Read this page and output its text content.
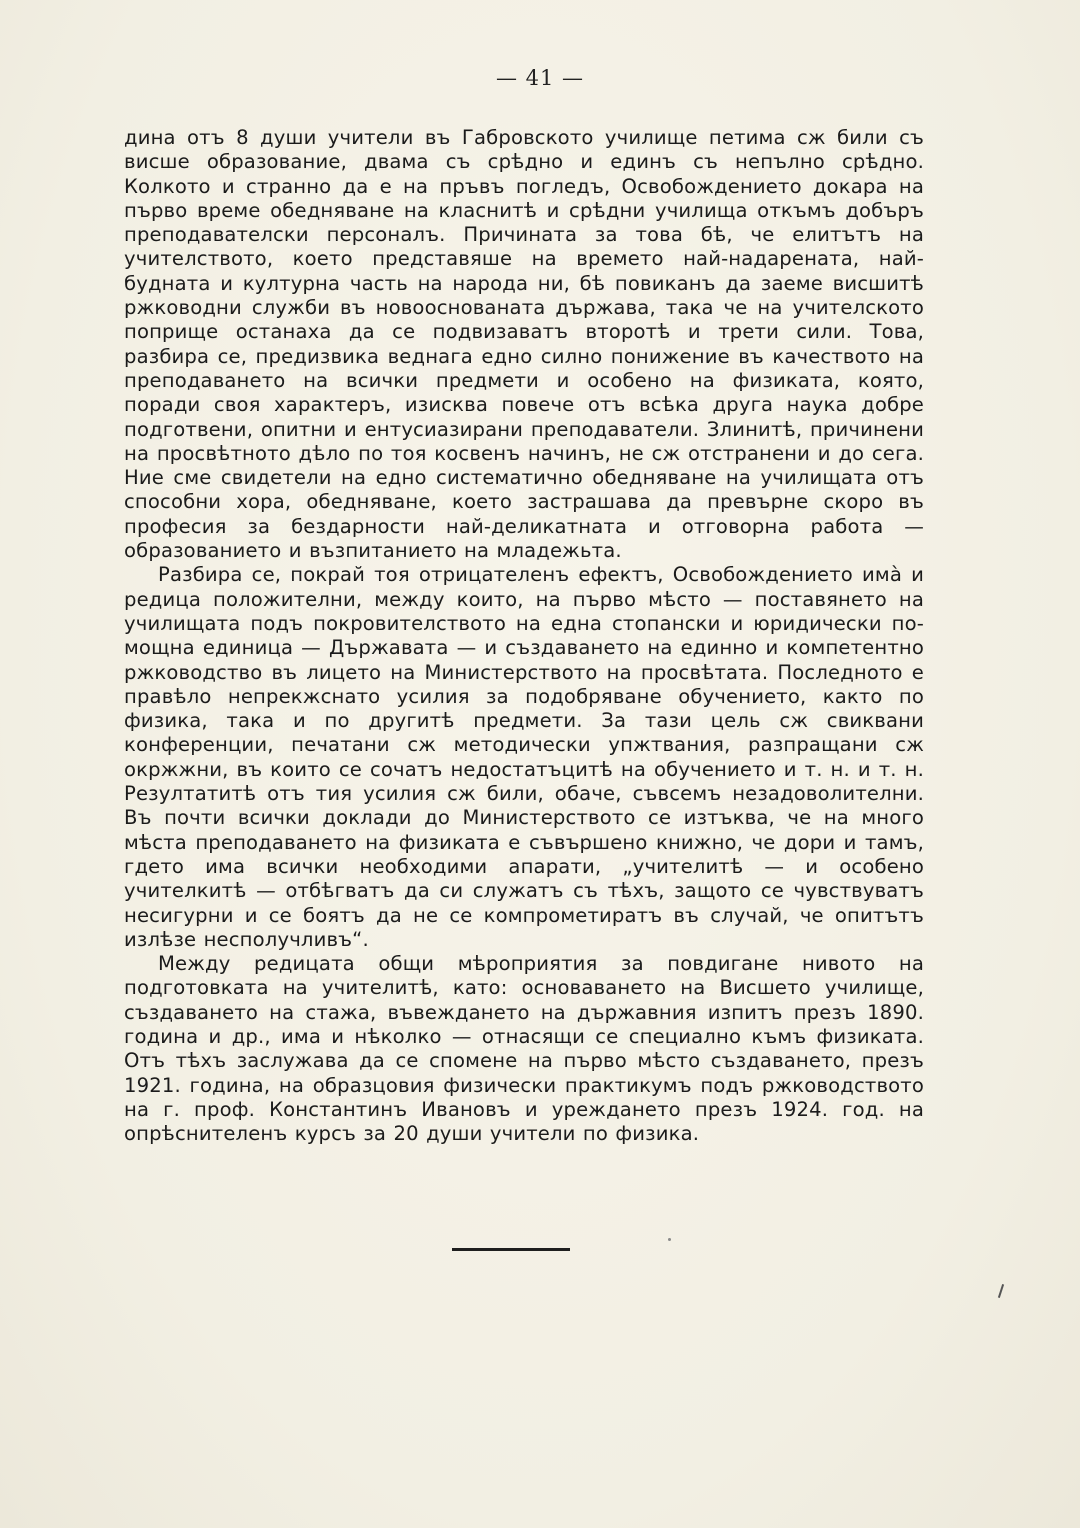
— 41 —

дина отъ 8 души учители въ Габровското училище петима сж били съ висше образование, двама съ срѣдно и единъ съ непълно срѣдно. Колкото и странно да е на пръвъ погледъ, Освобождението докара на първо време обедняване на класнитѣ и срѣдни училища откъмъ добъръ преподавателски персоналъ. Причината за това бѣ, че елитътъ на учителството, което представяше на времето най-надарената, най-будната и културна часть на народа ни, бѣ повиканъ да заеме висшитѣ ржководни служби въ новооснованата държава, така че на учителското поприще останаха да се подвизаватъ второтѣ и трети сили. Това, разбира се, предизвика веднага едно силно понижение въ качеството на преподаването на всички предмети и особено на физиката, която, поради своя характеръ, изисква повече отъ всѣка друга наука добре подготвени, опитни и ентусиазирани преподаватели. Злинитѣ, причинени на просвѣтното дѣло по тоя косвенъ начинъ, не сж отстранени и до сега. Ние сме свидетели на едно систематично обедняване на училищата отъ способни хора, обедняване, което застрашава да превърне скоро въ професия за бездарности най-деликатната и отговорна работа — образованието и възпитанието на младежьта.

Разбира се, покрай тоя отрицателенъ ефектъ, Освобождението имà и редица положителни, между които, на първо мѣсто — поставянето на училищата подъ покровителството на една стопански и юридически по-мощна единица — Държавата — и създаването на единно и компетентно ржководство въ лицето на Министерството на просвѣтата. Последното е правѣло непрекжснато усилия за подобряване обучението, както по физика, така и по другитѣ предмети. За тази цель сж свиквани конференции, печатани сж методически упжтвания, разпращани сж окржжни, въ които се сочатъ недостатъцитѣ на обучението и т. н. и т. н. Резултатитѣ отъ тия усилия сж били, обаче, съвсемъ незадоволителни. Въ почти всички доклади до Министерството се изтъква, че на много мѣста преподаването на физиката е съвършено книжно, че дори и тамъ, гдето има всички необходими апарати, „учителитѣ — и особено учителкитѣ — отбѣгватъ да си служатъ съ тѣхъ, защото се чувствуватъ несигурни и се боятъ да не се компрометиратъ въ случай, че опитътъ излѣзе несполучливъ“.

Между редицата общи мѣроприятия за повдигане нивото на подготовката на учителитѣ, като: основаването на Висшето училище, създаването на стажа, въвеждането на държавния изпитъ презъ 1890. година и др., има и нѣколко — отнасящи се специално къмъ физиката. Отъ тѣхъ заслужава да се спомене на първо мѣсто създаването, презъ 1921. година, на образцовия физически практикумъ подъ ржководството на г. проф. Константинъ Ивановъ и уреждането презъ 1924. год. на опрѣснителенъ курсъ за 20 души учители по физика.
